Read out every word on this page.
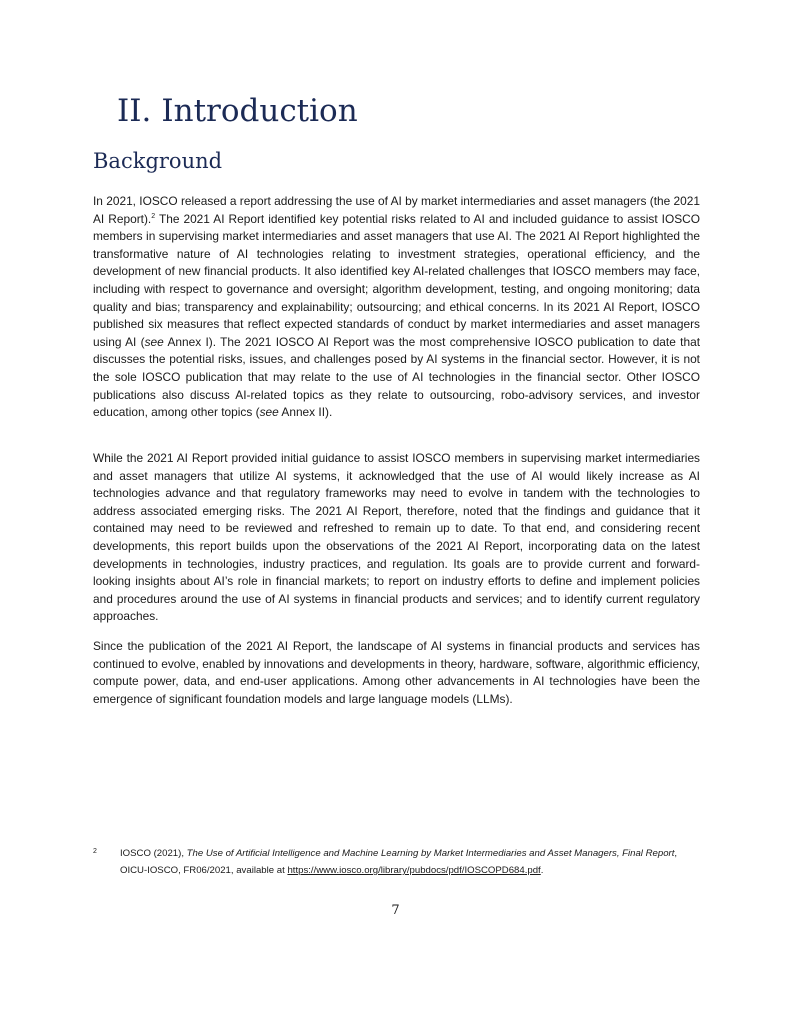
II. Introduction
Background

In 2021, IOSCO released a report addressing the use of AI by market intermediaries and asset managers (the 2021 AI Report).$^2$ The 2021 AI Report identified key potential risks related to AI and included guidance to assist IOSCO members in supervising market intermediaries and asset managers that use AI. The 2021 AI Report highlighted the transformative nature of AI technologies relating to investment strategies, operational efficiency, and the development of new financial products. It also identified key AI-related challenges that IOSCO members may face, including with respect to governance and oversight; algorithm development, testing, and ongoing monitoring; data quality and bias; transparency and explainability; outsourcing; and ethical concerns. In its 2021 AI Report, IOSCO published six measures that reflect expected standards of conduct by market intermediaries and asset managers using AI (see Annex I). The 2021 IOSCO AI Report was the most comprehensive IOSCO publication to date that discusses the potential risks, issues, and challenges posed by AI systems in the financial sector. However, it is not the sole IOSCO publication that may relate to the use of AI technologies in the financial sector. Other IOSCO publications also discuss AI-related topics as they relate to outsourcing, robo-advisory services, and investor education, among other topics (see Annex II).

While the 2021 AI Report provided initial guidance to assist IOSCO members in supervising market intermediaries and asset managers that utilize AI systems, it acknowledged that the use of AI would likely increase as AI technologies advance and that regulatory frameworks may need to evolve in tandem with the technologies to address associated emerging risks. The 2021 AI Report, therefore, noted that the findings and guidance that it contained may need to be reviewed and refreshed to remain up to date. To that end, and considering recent developments, this report builds upon the observations of the 2021 AI Report, incorporating data on the latest developments in technologies, industry practices, and regulation. Its goals are to provide current and forward-looking insights about AI’s role in financial markets; to report on industry efforts to define and implement policies and procedures around the use of AI systems in financial products and services; and to identify current regulatory approaches.

Since the publication of the 2021 AI Report, the landscape of AI systems in financial products and services has continued to evolve, enabled by innovations and developments in theory, hardware, software, algorithmic efficiency, compute power, data, and end-user applications. Among other advancements in AI technologies have been the emergence of significant foundation models and large language models (LLMs).

2 IOSCO (2021), The Use of Artificial Intelligence and Machine Learning by Market Intermediaries and Asset Managers, Final Report, OICU-IOSCO, FR06/2021, available at https://www.iosco.org/library/pubdocs/pdf/IOSCOPD684.pdf.
7
